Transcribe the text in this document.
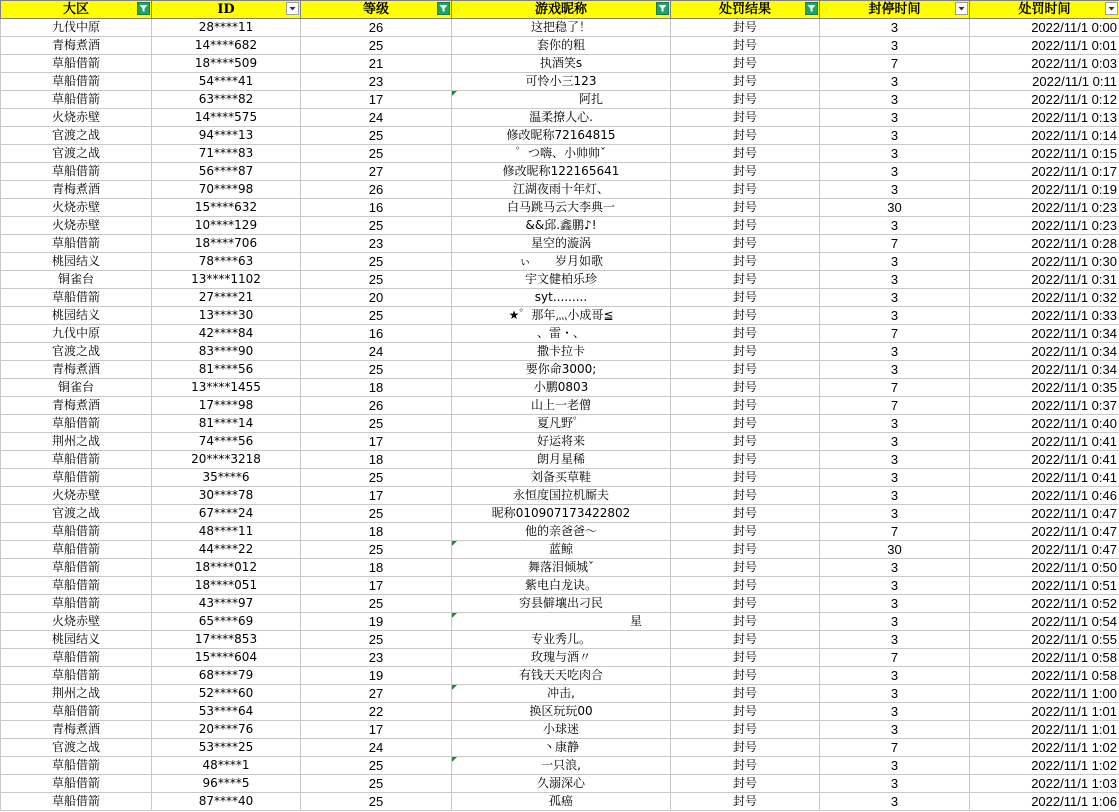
大区	ID	等级	游戏昵称	处罚结果	封停时间	处罚时间

九伐中原	28****11	26	这把稳了！	封号	3	2022/11/1 0:00
青梅煮酒	14****682	25	套你的粗	封号	3	2022/11/1 0:01
草船借箭	18****509	21	执酒笑s	封号	7	2022/11/1 0:03
草船借箭	54****41	23	可怜小三123	封号	3	2022/11/1 0:11
草船借箭	63****82	17	阿扎	封号	3	2022/11/1 0:12
火烧赤壁	14****575	24	温柔撩人心.	封号	3	2022/11/1 0:13
官渡之战	94****13	25	修改昵称72164815	封号	3	2022/11/1 0:14
官渡之战	71****83	25	゜つ嗨、小帅帅ˇ	封号	3	2022/11/1 0:15
草船借箭	56****87	27	修改昵称122165641	封号	3	2022/11/1 0:17
青梅煮酒	70****98	26	江湖夜雨十年灯、	封号	3	2022/11/1 0:19
火烧赤壁	15****632	16	白马跳马云大李典一	封号	30	2022/11/1 0:23
火烧赤壁	10****129	25	&&邱.鑫鹏♪!	封号	3	2022/11/1 0:23
草船借箭	18****706	23	星空的漩涡	封号	7	2022/11/1 0:28
桃园结义	78****63	25	ぃ　　岁月如歌	封号	3	2022/11/1 0:30
铜雀台	13****1102	25	宇文健柏乐珍	封号	3	2022/11/1 0:31
草船借箭	27****21	20	syt.........	封号	3	2022/11/1 0:32
桃园结义	13****30	25	★゜那年灬小成哥≦	封号	3	2022/11/1 0:33
九伐中原	42****84	16	、雷・、	封号	7	2022/11/1 0:34
官渡之战	83****90	24	撒卡拉卡	封号	3	2022/11/1 0:34
青梅煮酒	81****56	25	要你命3000;	封号	3	2022/11/1 0:34
铜雀台	13****1455	18	小鹏0803	封号	7	2022/11/1 0:35
青梅煮酒	17****98	26	山上一老僧	封号	7	2022/11/1 0:37
草船借箭	81****14	25	夏凡野゜	封号	3	2022/11/1 0:40
荆州之战	74****56	17	好运将来	封号	3	2022/11/1 0:41
草船借箭	20****3218	18	朗月星稀	封号	3	2022/11/1 0:41
草船借箭	35****6	25	刘备买草鞋	封号	3	2022/11/1 0:41
火烧赤壁	30****78	17	永恒度国拉机厮夫	封号	3	2022/11/1 0:46
官渡之战	67****24	25	昵称010907173422802	封号	3	2022/11/1 0:47
草船借箭	48****11	18	他的亲爸爸～	封号	7	2022/11/1 0:47
草船借箭	44****22	25	蓝鲸	封号	30	2022/11/1 0:47
草船借箭	18****012	18	舞落泪倾城ˇ	封号	3	2022/11/1 0:50
草船借箭	18****051	17	紫电白龙诀。	封号	3	2022/11/1 0:51
草船借箭	43****97	25	穷县僻壤出刁民	封号	3	2022/11/1 0:52
火烧赤壁	65****69	19	星	封号	3	2022/11/1 0:54
桃园结义	17****853	25	专业秀儿。	封号	3	2022/11/1 0:55
草船借箭	15****604	23	玫瑰与酒〃	封号	7	2022/11/1 0:58
草船借箭	68****79	19	有钱天天吃肉合	封号	3	2022/11/1 0:58
荆州之战	52****60	27	冲击,	封号	3	2022/11/1 1:00
草船借箭	53****64	22	换区玩玩00	封号	3	2022/11/1 1:01
青梅煮酒	20****76	17	小球迷	封号	3	2022/11/1 1:01
官渡之战	53****25	24	丶康静	封号	7	2022/11/1 1:02
草船借箭	48****1	25	一只浪,	封号	3	2022/11/1 1:02
草船借箭	96****5	25	久溺深心	封号	3	2022/11/1 1:03
草船借箭	87****40	25	孤癌	封号	3	2022/11/1 1:06
